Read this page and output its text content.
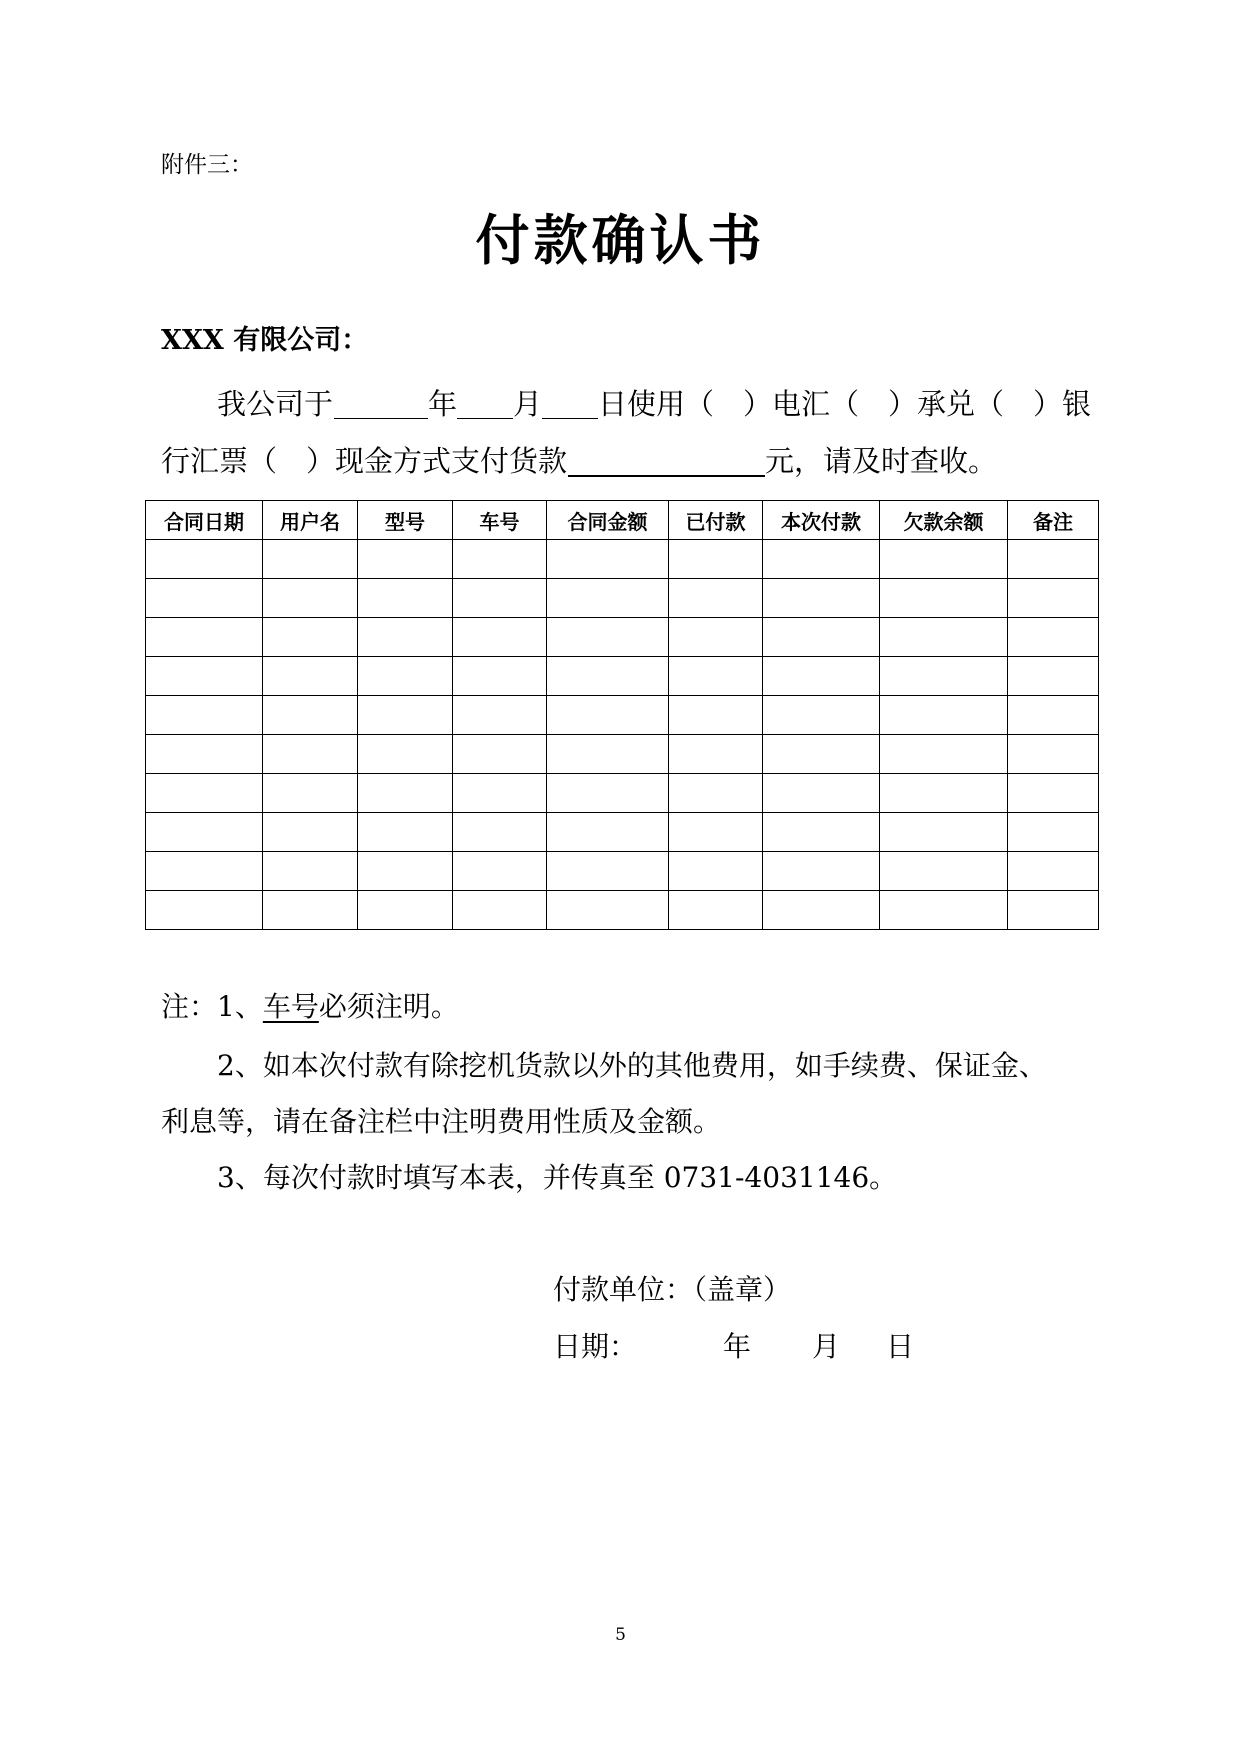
附件三：
付款确认书
XXX 有限公司：
我公司于	年 月 日使用（　）电汇（　）承兑（　）银
行汇票（　）现金方式支付货款	元，请及时查收。
合同日期	用户名	型号	车号	合同金额	已付款	本次付款	欠款余额	备注

注：1、车号必须注明。
2、如本次付款有除挖机货款以外的其他费用，如手续费、保证金、
利息等，请在备注栏中注明费用性质及金额。
3、每次付款时填写本表，并传真至 0731-4031146。
付款单位：（盖章）
日期：	年 月 日
5
